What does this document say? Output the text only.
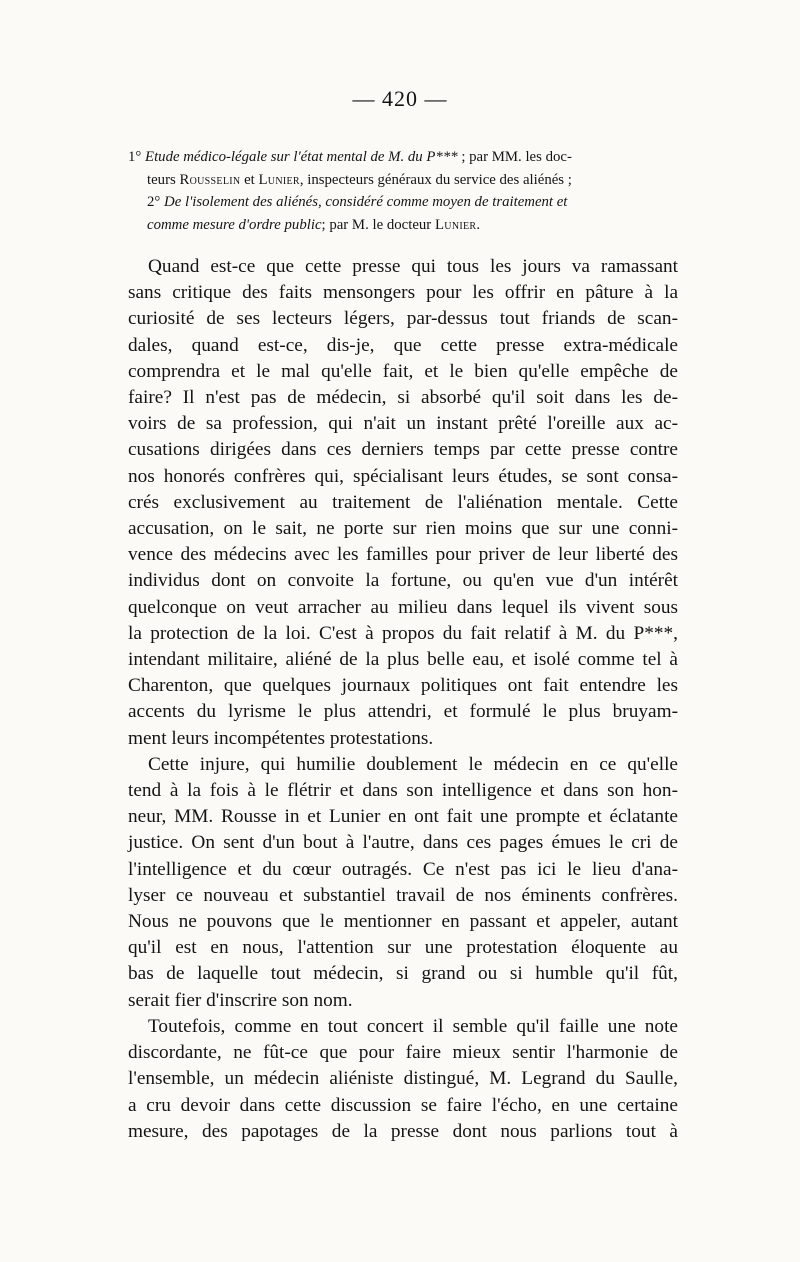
— 420 —

1° Etude médico-légale sur l'état mental de M. du P*** ; par MM. les doc-

teurs Rousselin et Lunier, inspecteurs généraux du service des aliénés ;

2° De l'isolement des aliénés, considéré comme moyen de traitement et

comme mesure d'ordre public; par M. le docteur Lunier.

Quand est-ce que cette presse qui tous les jours va ramassant
sans critique des faits mensongers pour les offrir en pâture à la
curiosité de ses lecteurs légers, par-dessus tout friands de scan-
dales, quand est-ce, dis-je, que cette presse extra-médicale
comprendra et le mal qu'elle fait, et le bien qu'elle empêche de
faire? Il n'est pas de médecin, si absorbé qu'il soit dans les de-
voirs de sa profession, qui n'ait un instant prêté l'oreille aux ac-
cusations dirigées dans ces derniers temps par cette presse contre
nos honorés confrères qui, spécialisant leurs études, se sont consa-
crés exclusivement au traitement de l'aliénation mentale. Cette
accusation, on le sait, ne porte sur rien moins que sur une conni-
vence des médecins avec les familles pour priver de leur liberté des
individus dont on convoite la fortune, ou qu'en vue d'un intérêt
quelconque on veut arracher au milieu dans lequel ils vivent sous
la protection de la loi. C'est à propos du fait relatif à M. du P***,
intendant militaire, aliéné de la plus belle eau, et isolé comme tel à
Charenton, que quelques journaux politiques ont fait entendre les
accents du lyrisme le plus attendri, et formulé le plus bruyam-
ment leurs incompétentes protestations.

Cette injure, qui humilie doublement le médecin en ce qu'elle
tend à la fois à le flétrir et dans son intelligence et dans son hon-
neur, MM. Rousse in et Lunier en ont fait une prompte et éclatante
justice. On sent d'un bout à l'autre, dans ces pages émues le cri de
l'intelligence et du cœur outragés. Ce n'est pas ici le lieu d'ana-
lyser ce nouveau et substantiel travail de nos éminents confrères.
Nous ne pouvons que le mentionner en passant et appeler, autant
qu'il est en nous, l'attention sur une protestation éloquente au
bas de laquelle tout médecin, si grand ou si humble qu'il fût,
serait fier d'inscrire son nom.

Toutefois, comme en tout concert il semble qu'il faille une note
discordante, ne fût-ce que pour faire mieux sentir l'harmonie de
l'ensemble, un médecin aliéniste distingué, M. Legrand du Saulle,
a cru devoir dans cette discussion se faire l'écho, en une certaine
mesure, des papotages de la presse dont nous parlions tout à
